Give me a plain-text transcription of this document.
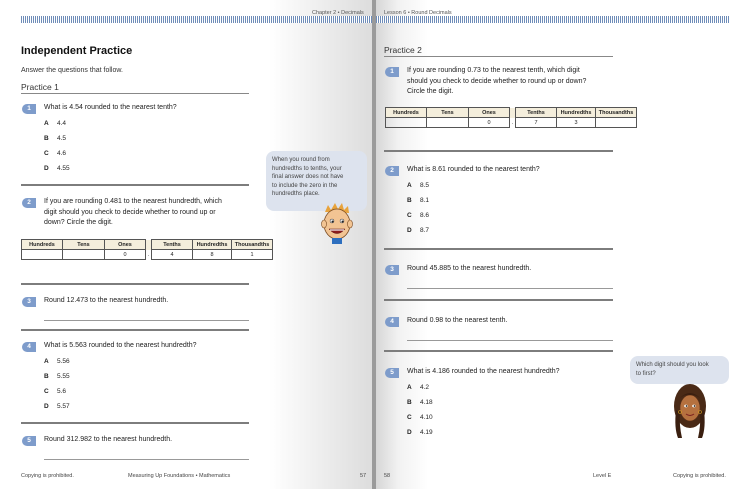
Chapter 2 • Decimals
Independent Practice
Answer the questions that follow.
Practice 1
1	What is 4.54 rounded to the nearest tenth?
A 4.4
B 4.5
C 4.6
D 4.55
2	If you are rounding 0.481 to the nearest hundredth, which
digit should you check to decide whether to round up or
down? Circle the digit.
Hundreds	Tens	Ones		Tenths	Hundredths	Thousandths
		0	.	4	8	1
3	Round 12.473 to the nearest hundredth.
4	What is 5.563 rounded to the nearest hundredth?
A 5.56
B 5.55
C 5.6
D 5.57
5	Round 312.982 to the nearest hundredth.
When you round from
hundredths to tenths, your
final answer does not have
to include the zero in the
hundredths place.
Copying is prohibited.	Measuring Up Foundations • Mathematics	57
Lesson 6 • Round Decimals
Practice 2
1	If you are rounding 0.73 to the nearest tenth, which digit
should you check to decide whether to round up or down?
Circle the digit.
Hundreds	Tens	Ones		Tenths	Hundredths	Thousandths
		0	.	7	3	
2	What is 8.61 rounded to the nearest tenth?
A 8.5
B 8.1
C 8.6
D 8.7
3	Round 45.885 to the nearest hundredth.
4	Round 0.98 to the nearest tenth.
5	What is 4.186 rounded to the nearest hundredth?
A 4.2
B 4.18
C 4.10
D 4.19
Which digit should you look
to first?
58	Level E	Copying is prohibited.
